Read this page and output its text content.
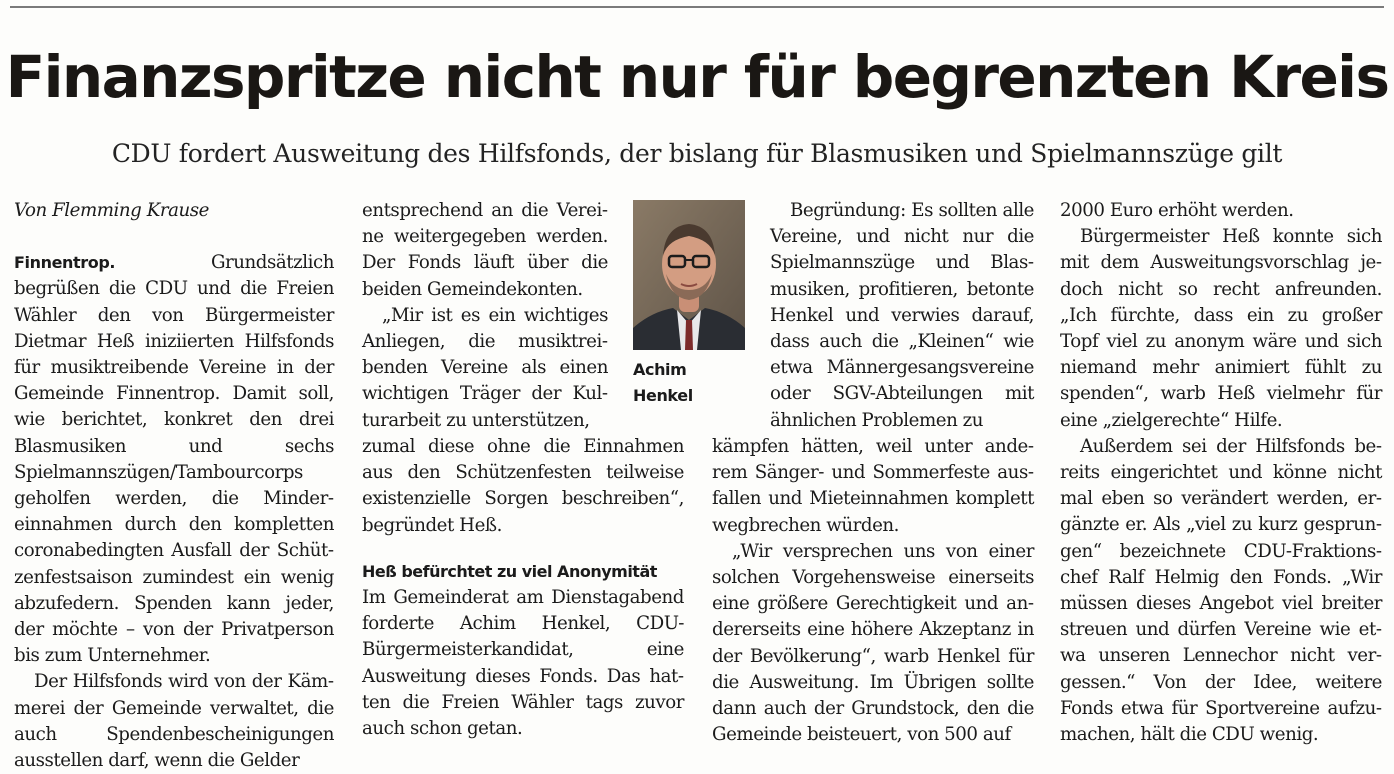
Finanzspritze nicht nur für begrenzten Kreis
CDU fordert Ausweitung des Hilfsfonds, der bislang für Blasmusiken und Spielmannszüge gilt

Von Flemming Krause

Finnentrop. Grundsätzlich begrüßen die CDU und die Freien Wähler den von Bürgermeister Dietmar Heß iniziierten Hilfsfonds für musiktreibende Vereine in der Gemeinde Finnentrop. Damit soll, wie berichtet, konkret den drei Blasmusiken und sechs Spielmannszügen/Tambourcorps geholfen werden, die Mindereinnahmen durch den kompletten coronabedingten Ausfall der Schützenfestsaison zumindest ein wenig abzufedern. Spenden kann jeder, der möchte – von der Privatperson bis zum Unternehmer.

Der Hilfsfonds wird von der Kämmerei der Gemeinde verwaltet, die auch Spendenbescheinigungen ausstellen darf, wenn die Gelder

entsprechend an die Vereine weitergegeben werden. Der Fonds läuft über die beiden Gemeindekonten.

„Mir ist es ein wichtiges Anliegen, die musiktreibenden Vereine als einen wichtigen Träger der Kulturarbeit zu unterstützen,

zumal diese ohne die Einnahmen aus den Schützenfesten teilweise existenzielle Sorgen beschreiben“, begründet Heß.

Heß befürchtet zu viel Anonymität

Im Gemeinderat am Dienstagabend forderte Achim Henkel, CDU-Bürgermeisterkandidat, eine Ausweitung dieses Fonds. Das hatten die Freien Wähler tags zuvor auch schon getan.

Achim
Henkel

Begründung: Es sollten alle Vereine, und nicht nur die Spielmannszüge und Blasmusiken, profitieren, betonte Henkel und verwies darauf, dass auch die „Kleinen“ wie etwa Männergesangsvereine oder SGV-Abteilungen mit ähnlichen Problemen zu

kämpfen hätten, weil unter anderem Sänger- und Sommerfeste ausfallen und Mieteinnahmen komplett wegbrechen würden.

„Wir versprechen uns von einer solchen Vorgehensweise einerseits eine größere Gerechtigkeit und andererseits eine höhere Akzeptanz in der Bevölkerung“, warb Henkel für die Ausweitung. Im Übrigen sollte dann auch der Grundstock, den die Gemeinde beisteuert, von 500 auf

2000 Euro erhöht werden.

Bürgermeister Heß konnte sich mit dem Ausweitungsvorschlag jedoch nicht so recht anfreunden. „Ich fürchte, dass ein zu großer Topf viel zu anonym wäre und sich niemand mehr animiert fühlt zu spenden“, warb Heß vielmehr für eine „zielgerechte“ Hilfe.

Außerdem sei der Hilfsfonds bereits eingerichtet und könne nicht mal eben so verändert werden, ergänzte er. Als „viel zu kurz gesprungen“ bezeichnete CDU-Fraktionschef Ralf Helmig den Fonds. „Wir müssen dieses Angebot viel breiter streuen und dürfen Vereine wie etwa unseren Lennechor nicht vergessen.“ Von der Idee, weitere Fonds etwa für Sportvereine aufzumachen, hält die CDU wenig.
